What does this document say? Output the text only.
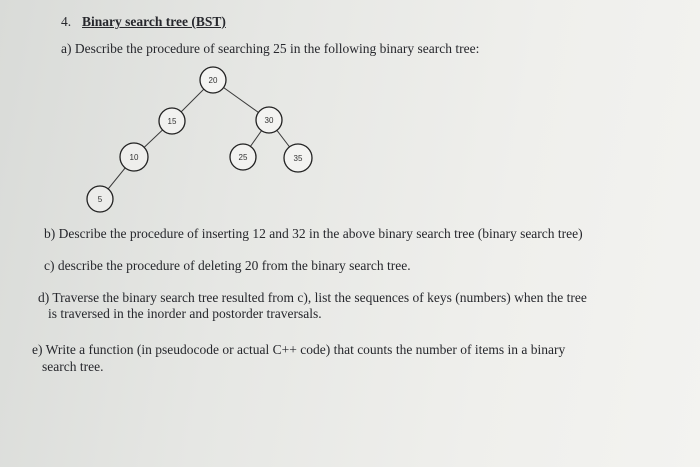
4. Binary search tree (BST)
a) Describe the procedure of searching 25 in the following binary search tree:
20
15	30
10	25	35
5
b) Describe the procedure of inserting 12 and 32 in the above binary search tree (binary search tree)
c) describe the procedure of deleting 20 from the binary search tree.
d) Traverse the binary search tree resulted from c), list the sequences of keys (numbers) when the tree
is traversed in the inorder and postorder traversals.
e) Write a function (in pseudocode or actual C++ code) that counts the number of items in a binary
search tree.
